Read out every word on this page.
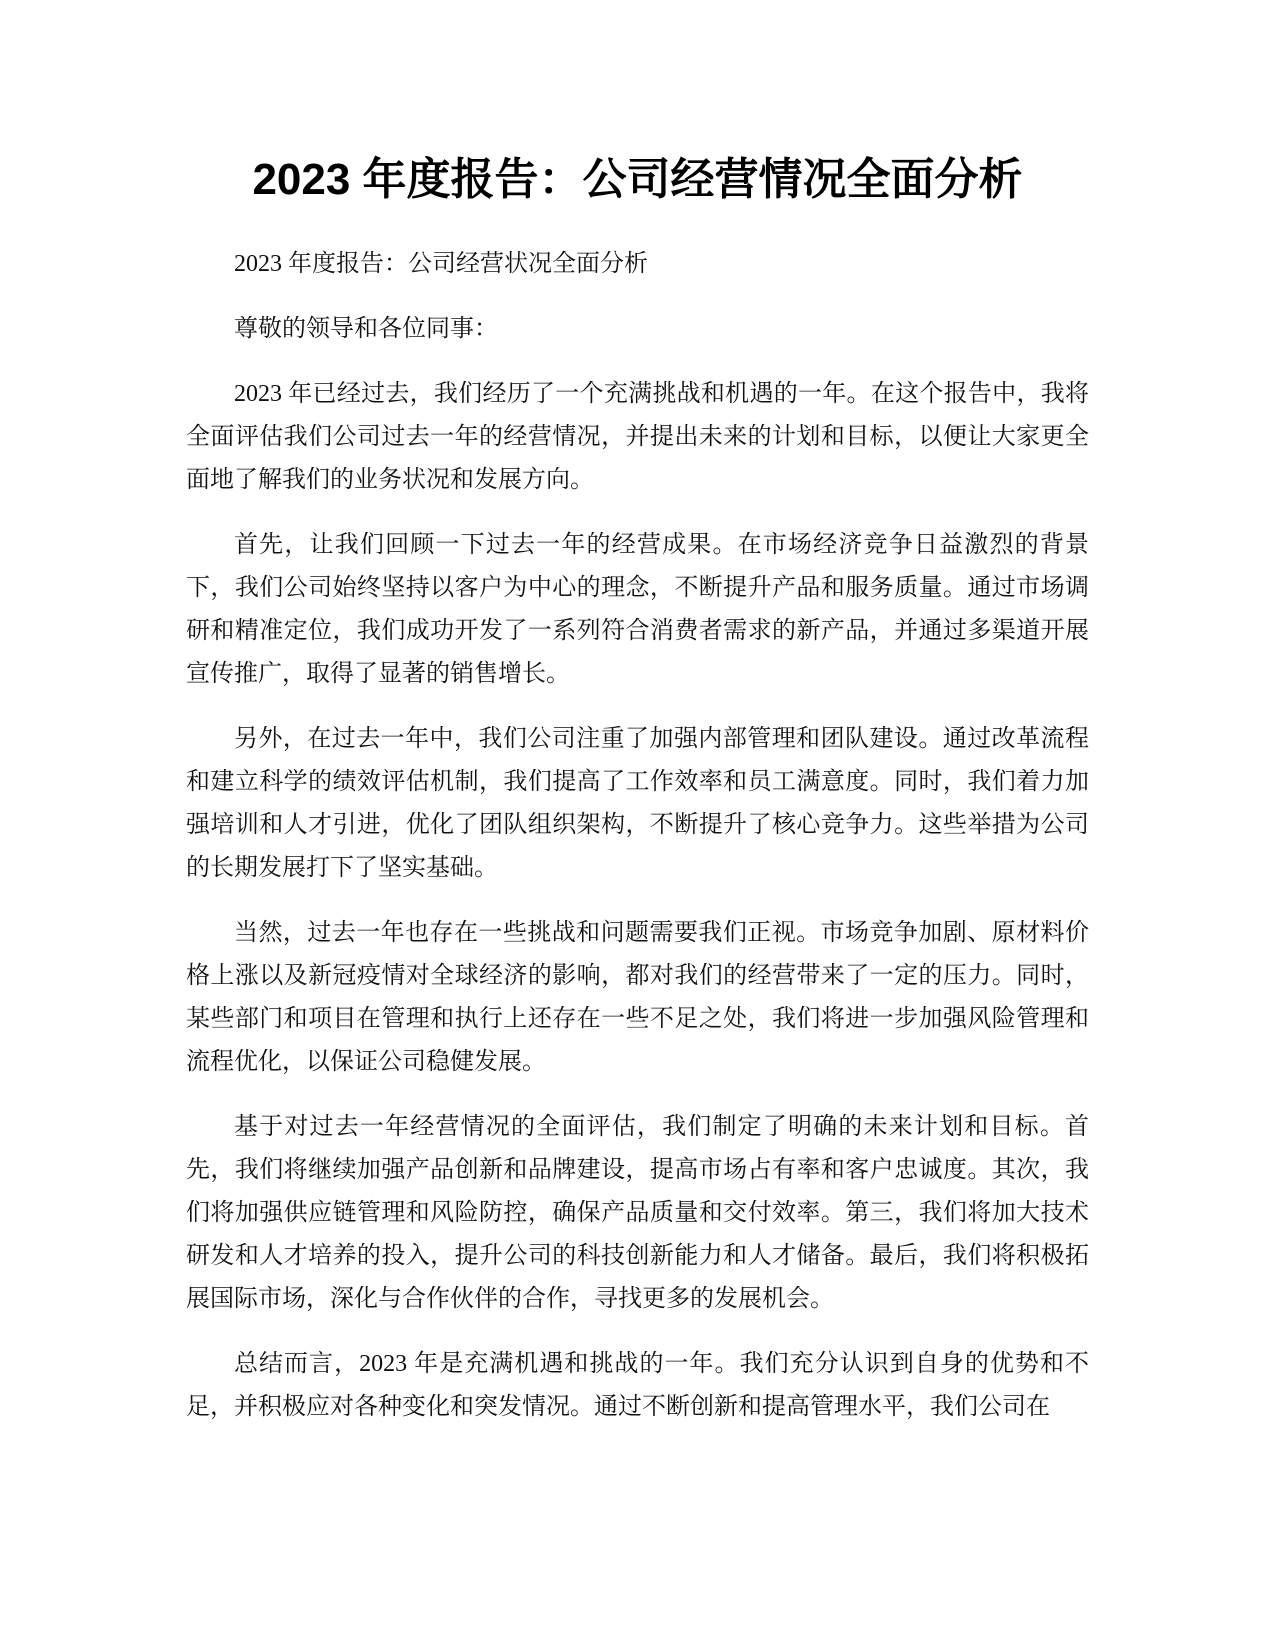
2023 年度报告：公司经营情况全面分析

2023 年度报告：公司经营状况全面分析

尊敬的领导和各位同事：

2023 年已经过去，我们经历了一个充满挑战和机遇的一年。在这个报告中，我将全面评估我们公司过去一年的经营情况，并提出未来的计划和目标，以便让大家更全面地了解我们的业务状况和发展方向。

首先，让我们回顾一下过去一年的经营成果。在市场经济竞争日益激烈的背景下，我们公司始终坚持以客户为中心的理念，不断提升产品和服务质量。通过市场调研和精准定位，我们成功开发了一系列符合消费者需求的新产品，并通过多渠道开展宣传推广，取得了显著的销售增长。

另外，在过去一年中，我们公司注重了加强内部管理和团队建设。通过改革流程和建立科学的绩效评估机制，我们提高了工作效率和员工满意度。同时，我们着力加强培训和人才引进，优化了团队组织架构，不断提升了核心竞争力。这些举措为公司的长期发展打下了坚实基础。

当然，过去一年也存在一些挑战和问题需要我们正视。市场竞争加剧、原材料价格上涨以及新冠疫情对全球经济的影响，都对我们的经营带来了一定的压力。同时，某些部门和项目在管理和执行上还存在一些不足之处，我们将进一步加强风险管理和流程优化，以保证公司稳健发展。

基于对过去一年经营情况的全面评估，我们制定了明确的未来计划和目标。首先，我们将继续加强产品创新和品牌建设，提高市场占有率和客户忠诚度。其次，我们将加强供应链管理和风险防控，确保产品质量和交付效率。第三，我们将加大技术研发和人才培养的投入，提升公司的科技创新能力和人才储备。最后，我们将积极拓展国际市场，深化与合作伙伴的合作，寻找更多的发展机会。

总结而言，2023 年是充满机遇和挑战的一年。我们充分认识到自身的优势和不足，并积极应对各种变化和突发情况。通过不断创新和提高管理水平，我们公司在
